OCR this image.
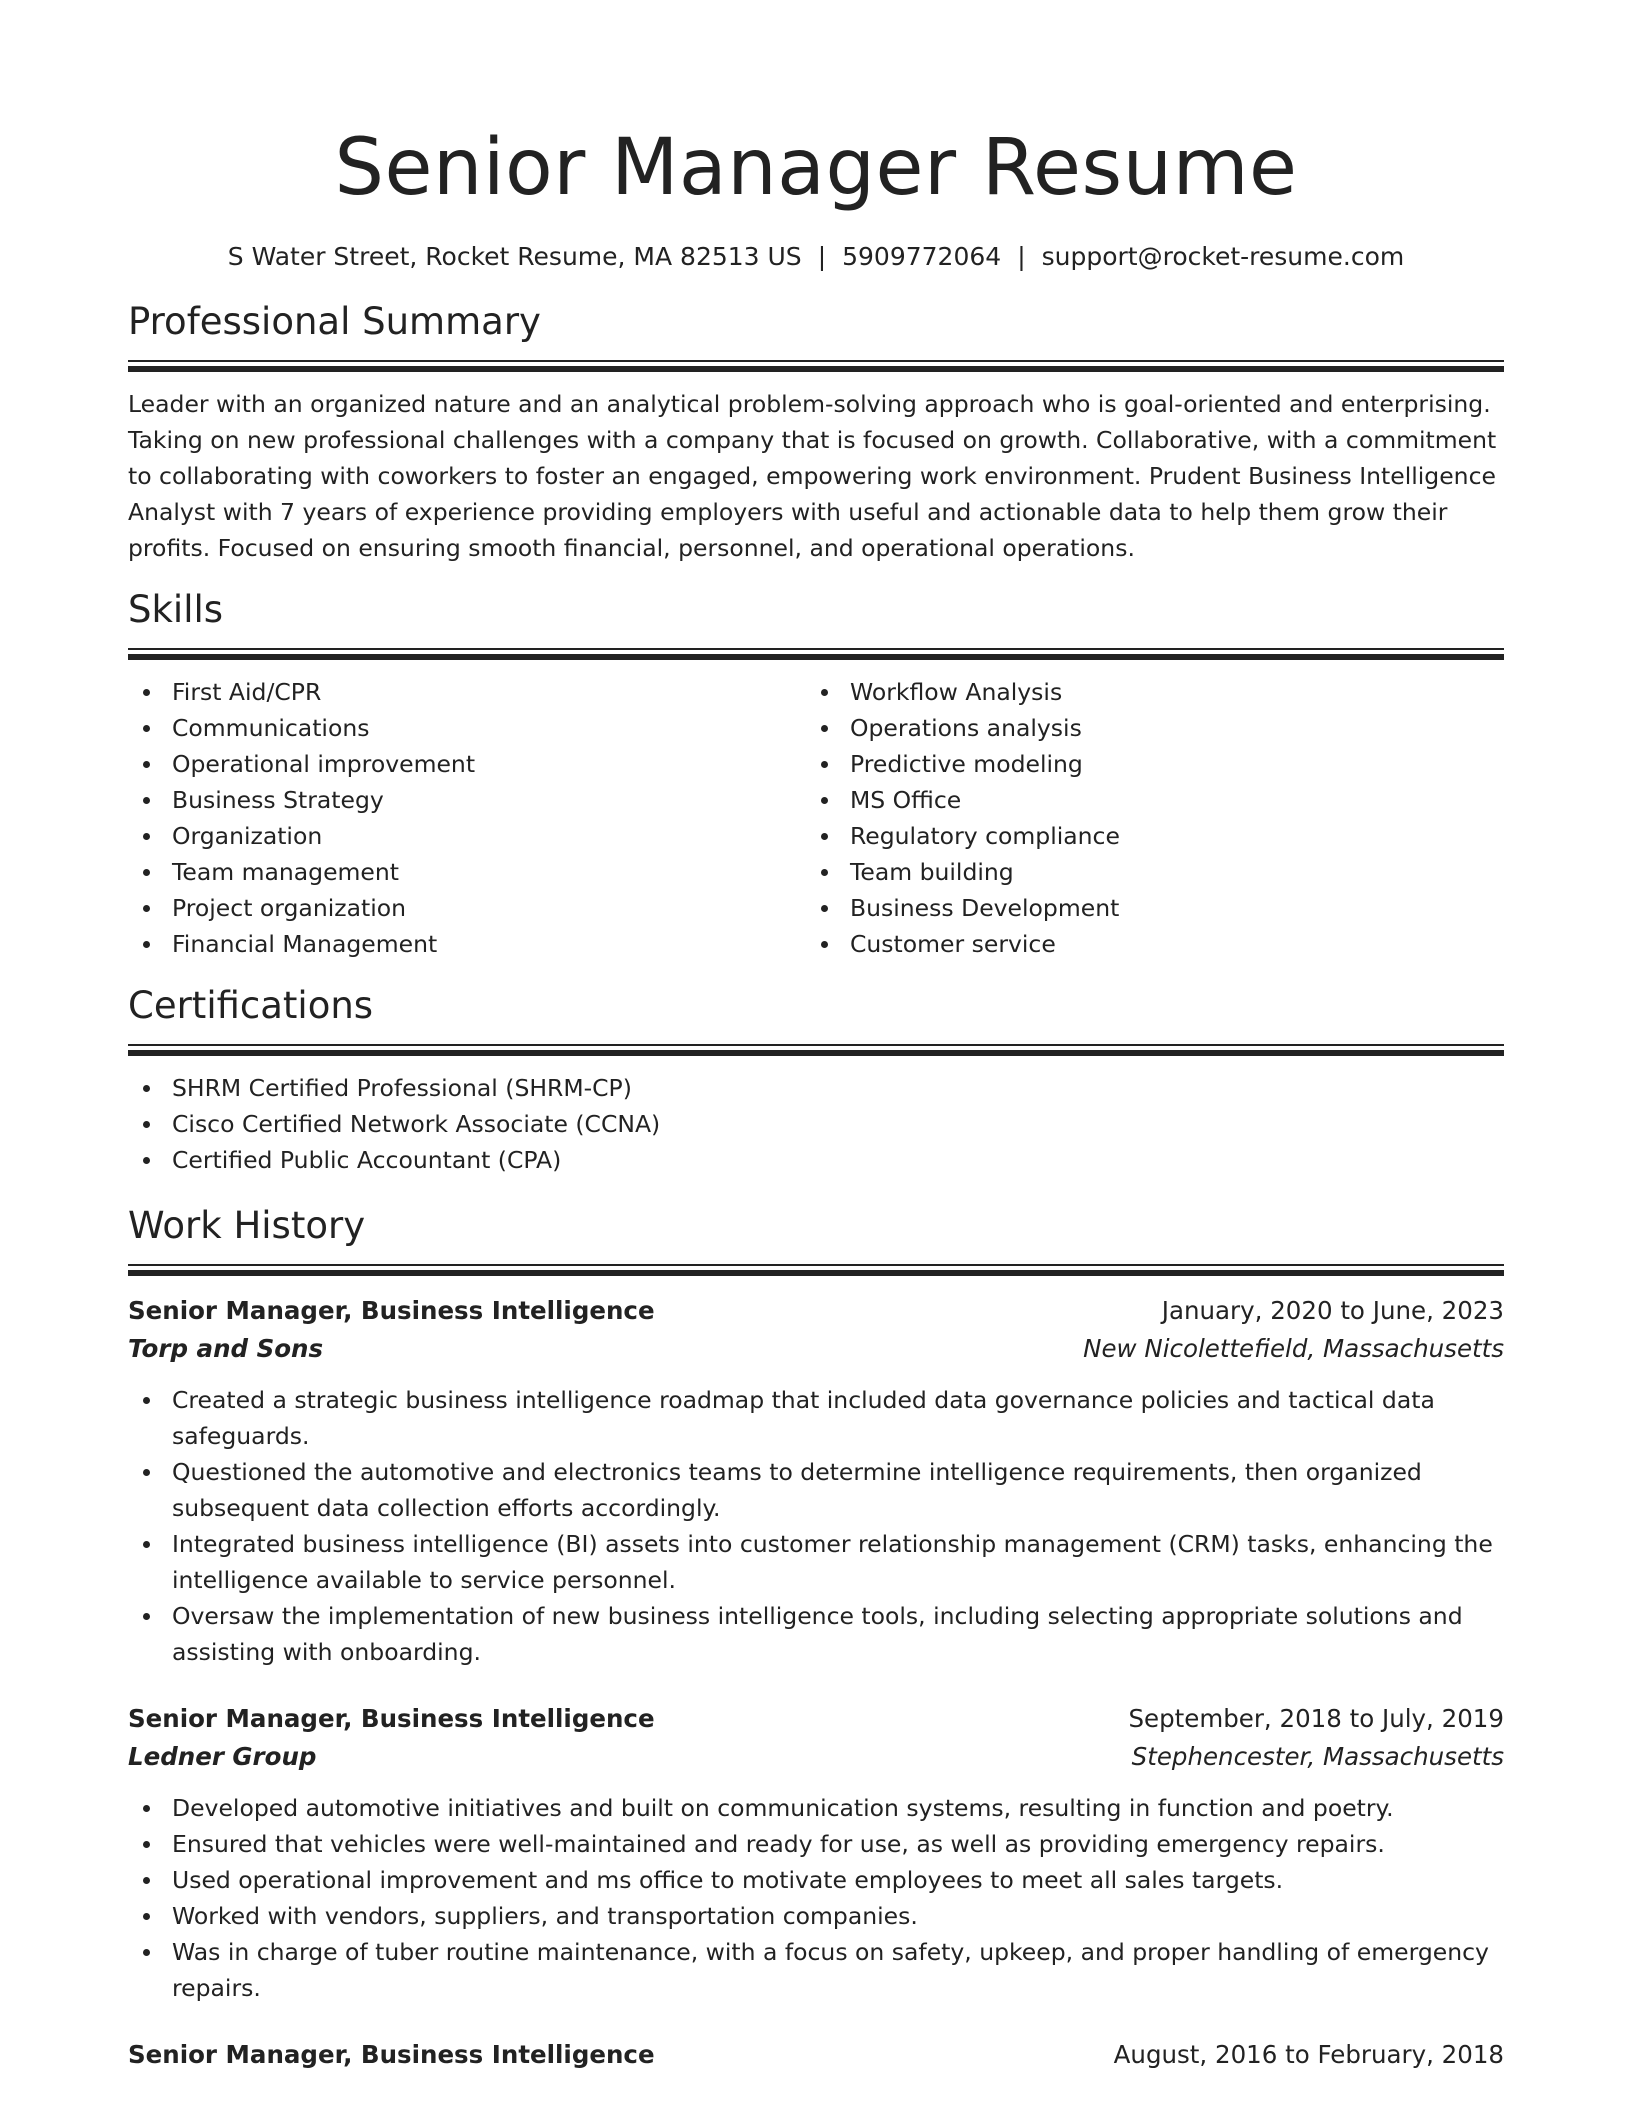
Senior Manager Resume
S Water Street, Rocket Resume, MA 82513 US | 5909772064 | support@rocket-resume.com
Professional Summary

Leader with an organized nature and an analytical problem-solving approach who is goal-oriented and enterprising. Taking on new professional challenges with a company that is focused on growth. Collaborative, with a commitment to collaborating with coworkers to foster an engaged, empowering work environment. Prudent Business Intelligence Analyst with 7 years of experience providing employers with useful and actionable data to help them grow their profits. Focused on ensuring smooth financial, personnel, and operational operations.

Skills
First Aid/CPR
Communications
Operational improvement
Business Strategy
Organization
Team management
Project organization
Financial Management
Workflow Analysis
Operations analysis
Predictive modeling
MS Office
Regulatory compliance
Team building
Business Development
Customer service
Certifications
SHRM Certified Professional (SHRM-CP)
Cisco Certified Network Associate (CCNA)
Certified Public Accountant (CPA)
Work History
Senior Manager, Business Intelligence	January, 2020 to June, 2023
Torp and Sons	New Nicolettefield, Massachusetts
Created a strategic business intelligence roadmap that included data governance policies and tactical data safeguards.
Questioned the automotive and electronics teams to determine intelligence requirements, then organized subsequent data collection efforts accordingly.
Integrated business intelligence (BI) assets into customer relationship management (CRM) tasks, enhancing the intelligence available to service personnel.
Oversaw the implementation of new business intelligence tools, including selecting appropriate solutions and assisting with onboarding.
Senior Manager, Business Intelligence	September, 2018 to July, 2019
Ledner Group	Stephencester, Massachusetts
Developed automotive initiatives and built on communication systems, resulting in function and poetry.
Ensured that vehicles were well-maintained and ready for use, as well as providing emergency repairs.
Used operational improvement and ms office to motivate employees to meet all sales targets.
Worked with vendors, suppliers, and transportation companies.
Was in charge of tuber routine maintenance, with a focus on safety, upkeep, and proper handling of emergency repairs.
Senior Manager, Business Intelligence	August, 2016 to February, 2018
